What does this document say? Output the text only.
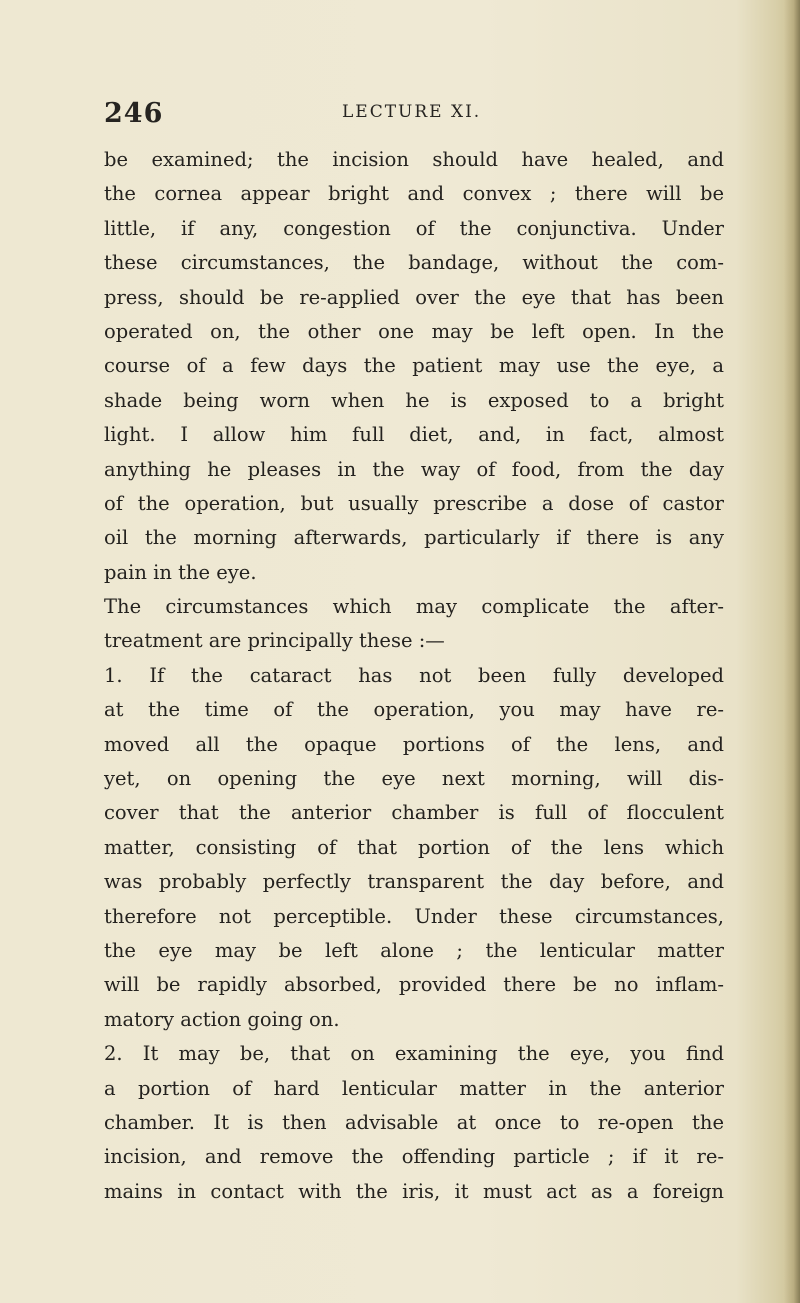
246	LECTURE XI.
be examined; the incision should have healed, and
the cornea appear bright and convex ; there will be
little, if any, congestion of the conjunctiva. Under
these circumstances, the bandage, without the com-
press, should be re-applied over the eye that has been
operated on, the other one may be left open. In the
course of a few days the patient may use the eye, a
shade being worn when he is exposed to a bright
light. I allow him full diet, and, in fact, almost
anything he pleases in the way of food, from the day
of the operation, but usually prescribe a dose of castor
oil the morning afterwards, particularly if there is any
pain in the eye.
The circumstances which may complicate the after-
treatment are principally these :—
1. If the cataract has not been fully developed
at the time of the operation, you may have re-
moved all the opaque portions of the lens, and
yet, on opening the eye next morning, will dis-
cover that the anterior chamber is full of flocculent
matter, consisting of that portion of the lens which
was probably perfectly transparent the day before, and
therefore not perceptible. Under these circumstances,
the eye may be left alone ; the lenticular matter
will be rapidly absorbed, provided there be no inflam-
matory action going on.
2. It may be, that on examining the eye, you find
a portion of hard lenticular matter in the anterior
chamber. It is then advisable at once to re-open the
incision, and remove the offending particle ; if it re-
mains in contact with the iris, it must act as a foreign
